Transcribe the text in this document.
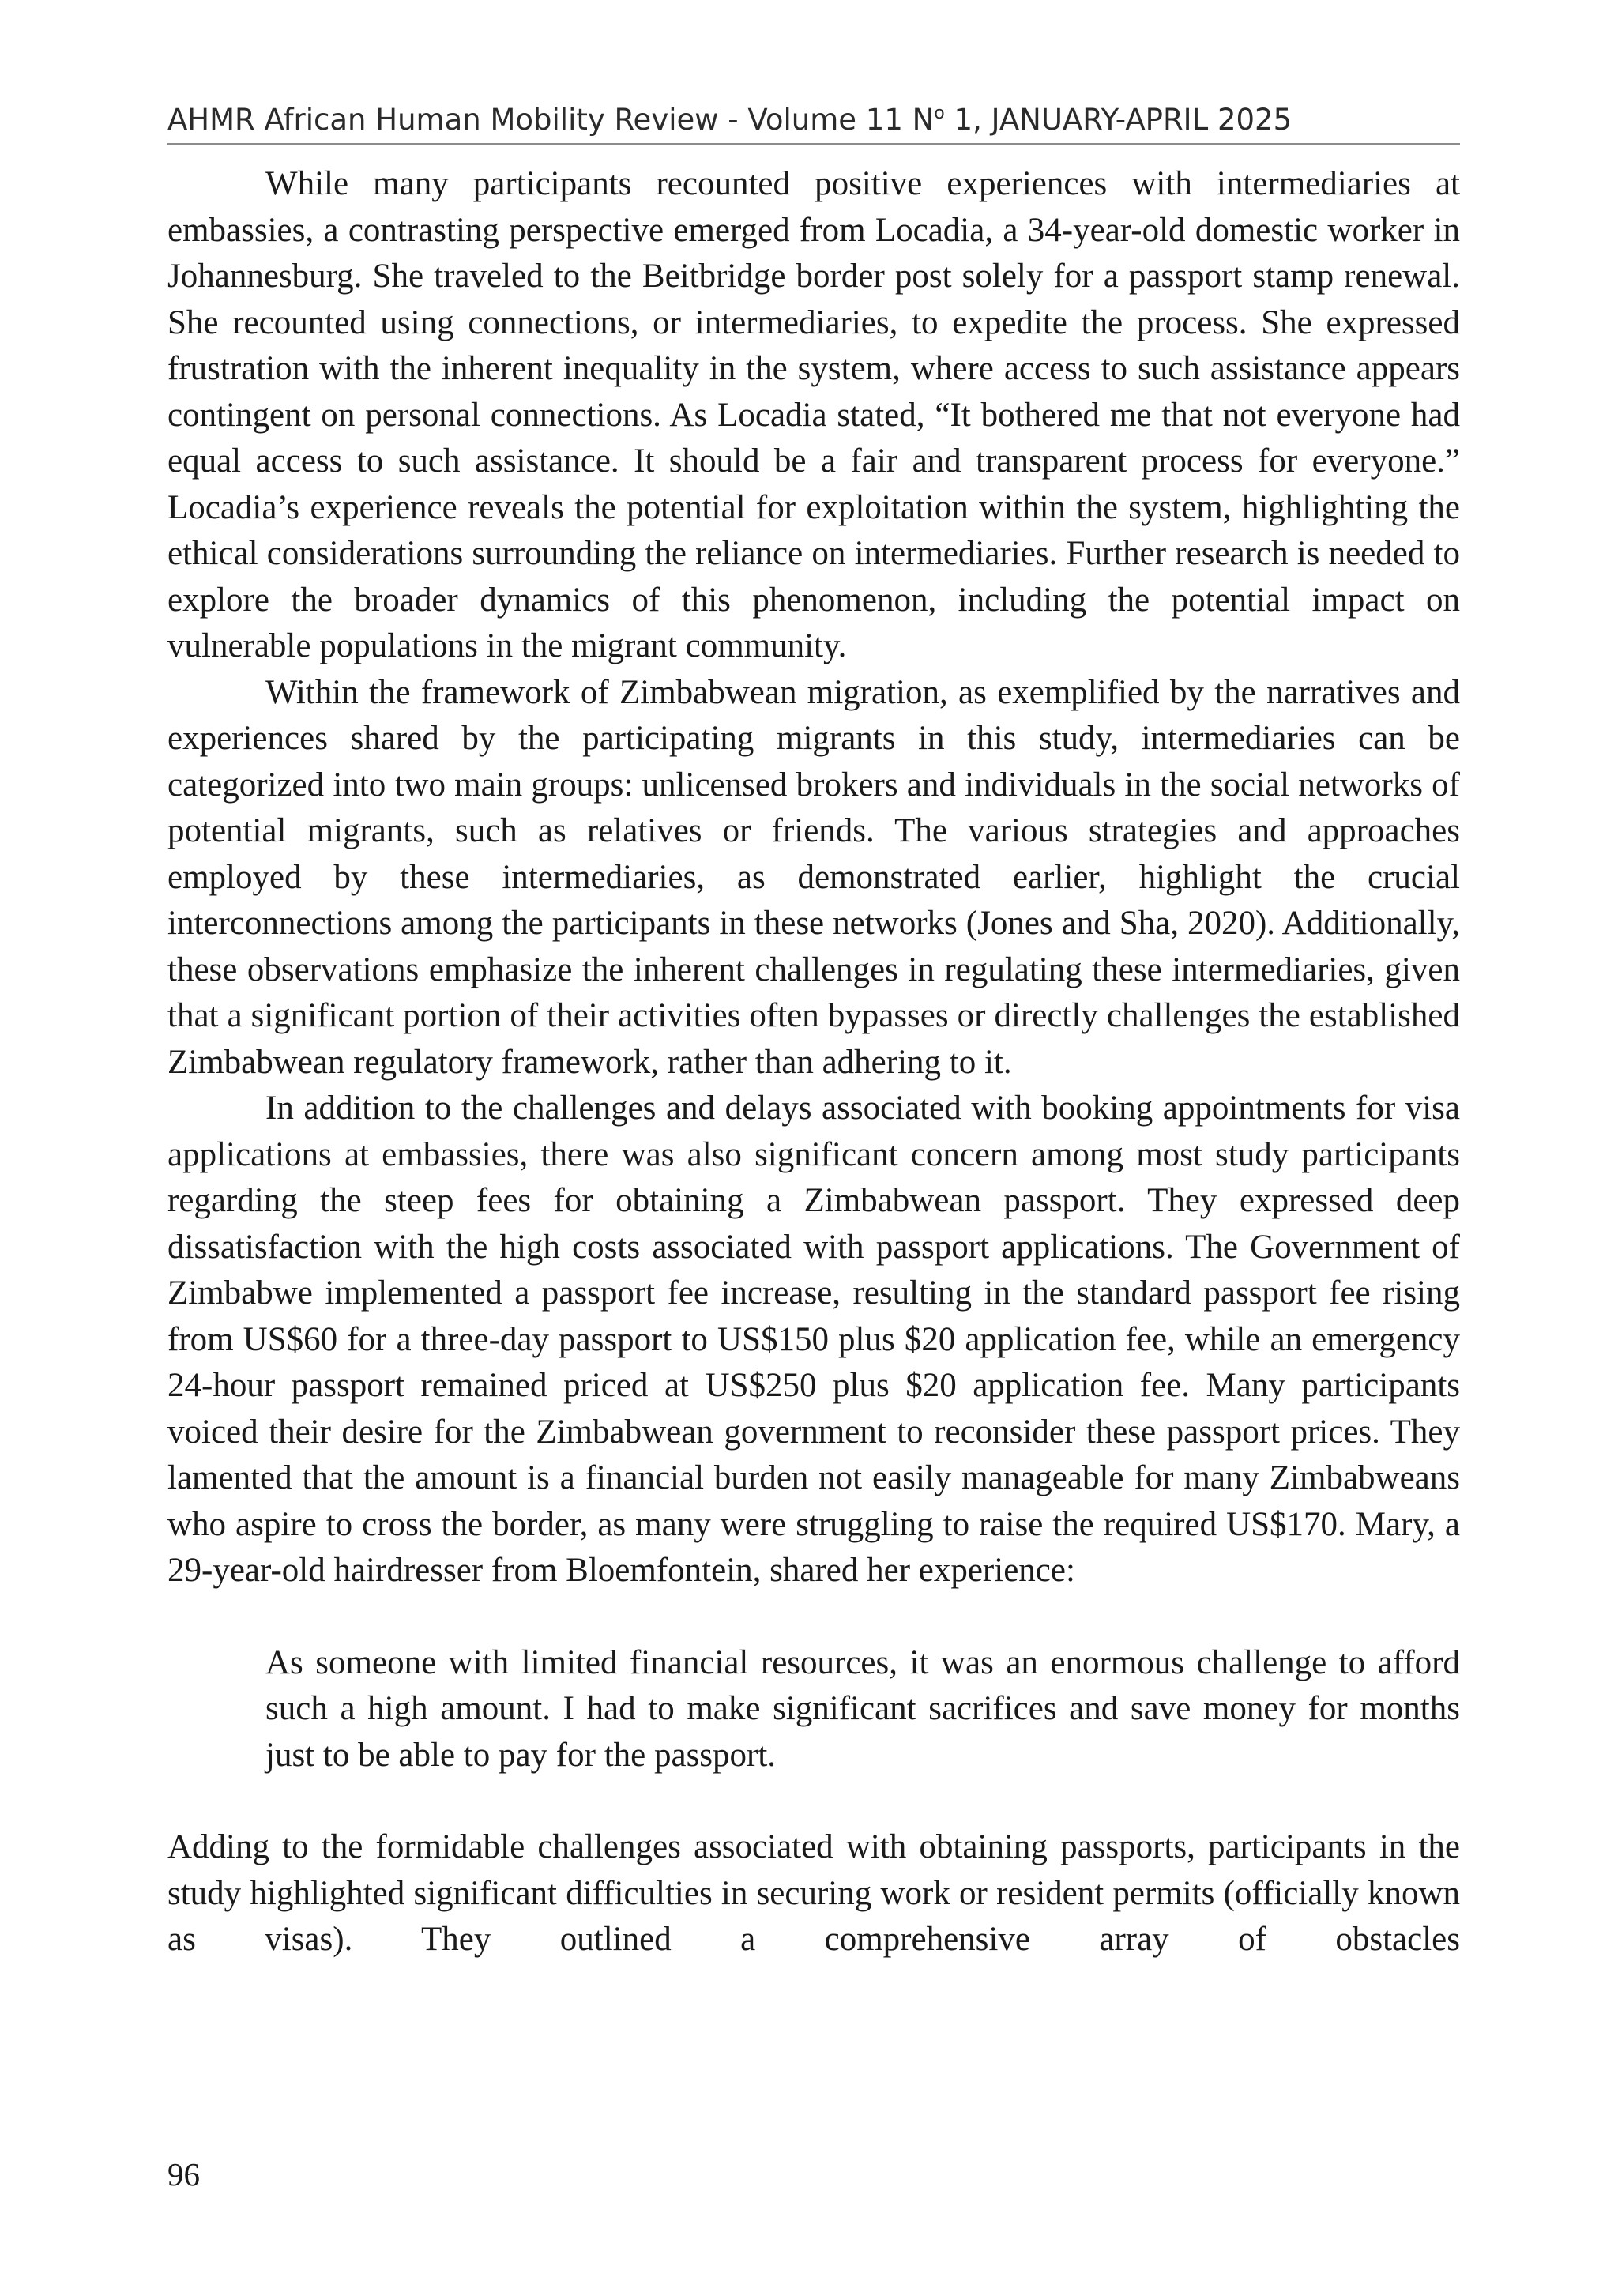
AHMR African Human Mobility Review - Volume 11 $N^o$ 1, JANUARY-APRIL 2025

While many participants recounted positive experiences with intermediaries at embassies, a contrasting perspective emerged from Locadia, a 34-year-old domestic worker in Johannesburg. She traveled to the Beitbridge border post solely for a passport stamp renewal. She recounted using connections, or intermediaries, to expedite the process. She expressed frustration with the inherent inequality in the system, where access to such assistance appears contingent on personal connections. As Locadia stated, “It bothered me that not everyone had equal access to such assistance. It should be a fair and transparent process for everyone.” Locadia’s experience reveals the potential for exploitation within the system, highlighting the ethical considerations surrounding the reliance on intermediaries. Further research is needed to explore the broader dynamics of this phenomenon, including the potential impact on vulnerable populations in the migrant community.

Within the framework of Zimbabwean migration, as exemplified by the narratives and experiences shared by the participating migrants in this study, intermediaries can be categorized into two main groups: unlicensed brokers and individuals in the social networks of potential migrants, such as relatives or friends. The various strategies and approaches employed by these intermediaries, as demonstrated earlier, highlight the crucial interconnections among the participants in these networks (Jones and Sha, 2020). Additionally, these observations emphasize the inherent challenges in regulating these intermediaries, given that a significant portion of their activities often bypasses or directly challenges the established Zimbabwean regulatory framework, rather than adhering to it.

In addition to the challenges and delays associated with booking appointments for visa applications at embassies, there was also significant concern among most study participants regarding the steep fees for obtaining a Zimbabwean passport. They expressed deep dissatisfaction with the high costs associated with passport applications. The Government of Zimbabwe implemented a passport fee increase, resulting in the standard passport fee rising from US$60 for a three-day passport to US$150 plus $20 application fee, while an emergency 24-hour passport remained priced at US$250 plus $20 application fee. Many participants voiced their desire for the Zimbabwean government to reconsider these passport prices. They lamented that the amount is a financial burden not easily manageable for many Zimbabweans who aspire to cross the border, as many were struggling to raise the required US$170. Mary, a 29-year-old hairdresser from Bloemfontein, shared her experience:

As someone with limited financial resources, it was an enormous challenge to afford such a high amount. I had to make significant sacrifices and save money for months just to be able to pay for the passport.

Adding to the formidable challenges associated with obtaining passports, participants in the study highlighted significant difficulties in securing work or resident permits (officially known as visas). They outlined a comprehensive array of obstacles

96
